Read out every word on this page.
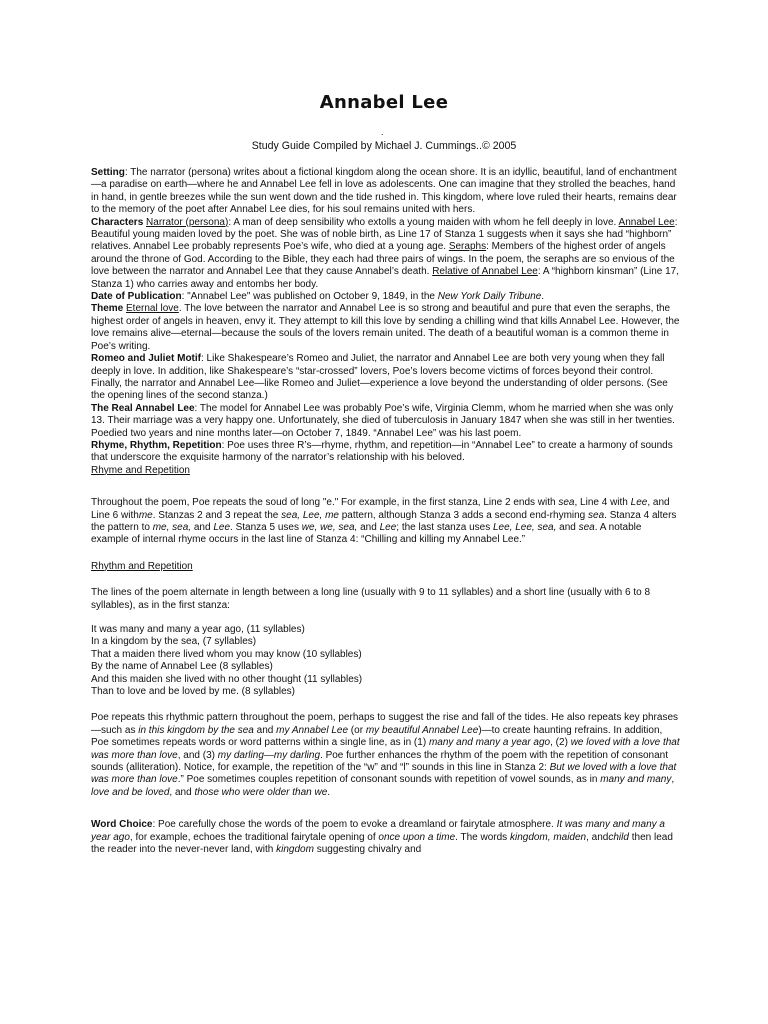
Annabel Lee
.
Study Guide Compiled by Michael J. Cummings..© 2005

Setting: The narrator (persona) writes about a fictional kingdom along the ocean shore. It is an idyllic, beautiful, land of enchantment—a paradise on earth—where he and Annabel Lee fell in love as adolescents. One can imagine that they strolled the beaches, hand in hand, in gentle breezes while the sun went down and the tide rushed in. This kingdom, where love ruled their hearts, remains dear to the memory of the poet after Annabel Lee dies, for his soul remains united with hers.

Characters Narrator (persona): A man of deep sensibility who extolls a young maiden with whom he fell deeply in love. Annabel Lee: Beautiful young maiden loved by the poet. She was of noble birth, as Line 17 of Stanza 1 suggests when it says she had “highborn” relatives. Annabel Lee probably represents Poe’s wife, who died at a young age. Seraphs: Members of the highest order of angels around the throne of God. According to the Bible, they each had three pairs of wings. In the poem, the seraphs are so envious of the love between the narrator and Annabel Lee that they cause Annabel’s death. Relative of Annabel Lee: A “highborn kinsman” (Line 17, Stanza 1) who carries away and entombs her body.

Date of Publication: "Annabel Lee" was published on October 9, 1849, in the New York Daily Tribune.

Theme Eternal love. The love between the narrator and Annabel Lee is so strong and beautiful and pure that even the seraphs, the highest order of angels in heaven, envy it. They attempt to kill this love by sending a chilling wind that kills Annabel Lee. However, the love remains alive—eternal—because the souls of the lovers remain united. The death of a beautiful woman is a common theme in Poe’s writing.

Romeo and Juliet Motif: Like Shakespeare’s Romeo and Juliet, the narrator and Annabel Lee are both very young when they fall deeply in love. In addition, like Shakespeare’s “star-crossed” lovers, Poe’s lovers become victims of forces beyond their control. Finally, the narrator and Annabel Lee—like Romeo and Juliet—experience a love beyond the understanding of older persons. (See the opening lines of the second stanza.)

The Real Annabel Lee: The model for Annabel Lee was probably Poe’s wife, Virginia Clemm, whom he married when she was only 13. Their marriage was a very happy one. Unfortunately, she died of tuberculosis in January 1847 when she was still in her twenties. Poedied two years and nine months later—on October 7, 1849. “Annabel Lee” was his last poem.

Rhyme, Rhythm, Repetition: Poe uses three R’s—rhyme, rhythm, and repetition—in “Annabel Lee” to create a harmony of sounds that underscore the exquisite harmony of the narrator’s relationship with his beloved.

Rhyme and Repetition

Throughout the poem, Poe repeats the soud of long "e." For example, in the first stanza, Line 2 ends with sea, Line 4 with Lee, and Line 6 withme. Stanzas 2 and 3 repeat the sea, Lee, me pattern, although Stanza 3 adds a second end-rhyming sea. Stanza 4 alters the pattern to me, sea, and Lee. Stanza 5 uses we, we, sea, and Lee; the last stanza uses Lee, Lee, sea, and sea. A notable example of internal rhyme occurs in the last line of Stanza 4: “Chilling and killing my Annabel Lee.”

Rhythm and Repetition

The lines of the poem alternate in length between a long line (usually with 9 to 11 syllables) and a short line (usually with 6 to 8 syllables), as in the first stanza:

It was many and many a year ago, (11 syllables)

In a kingdom by the sea, (7 syllables)

That a maiden there lived whom you may know (10 syllables)

By the name of Annabel Lee (8 syllables)

And this maiden she lived with no other thought (11 syllables)

Than to love and be loved by me. (8 syllables)

Poe repeats this rhythmic pattern throughout the poem, perhaps to suggest the rise and fall of the tides. He also repeats key phrases—such as in this kingdom by the sea and my Annabel Lee (or my beautiful Annabel Lee)—to create haunting refrains. In addition, Poe sometimes repeats words or word patterns within a single line, as in (1) many and many a year ago, (2) we loved with a love that was more than love, and (3) my darling—my darling. Poe further enhances the rhythm of the poem with the repetition of consonant sounds (alliteration). Notice, for example, the repetition of the “w” and “l” sounds in this line in Stanza 2: But we loved with a love that was more than love.” Poe sometimes couples repetition of consonant sounds with repetition of vowel sounds, as in many and many, love and be loved, and those who were older than we.

Word Choice: Poe carefully chose the words of the poem to evoke a dreamland or fairytale atmosphere. It was many and many a year ago, for example, echoes the traditional fairytale opening of once upon a time. The words kingdom, maiden, andchild then lead the reader into the never-never land, with kingdom suggesting chivalry and
